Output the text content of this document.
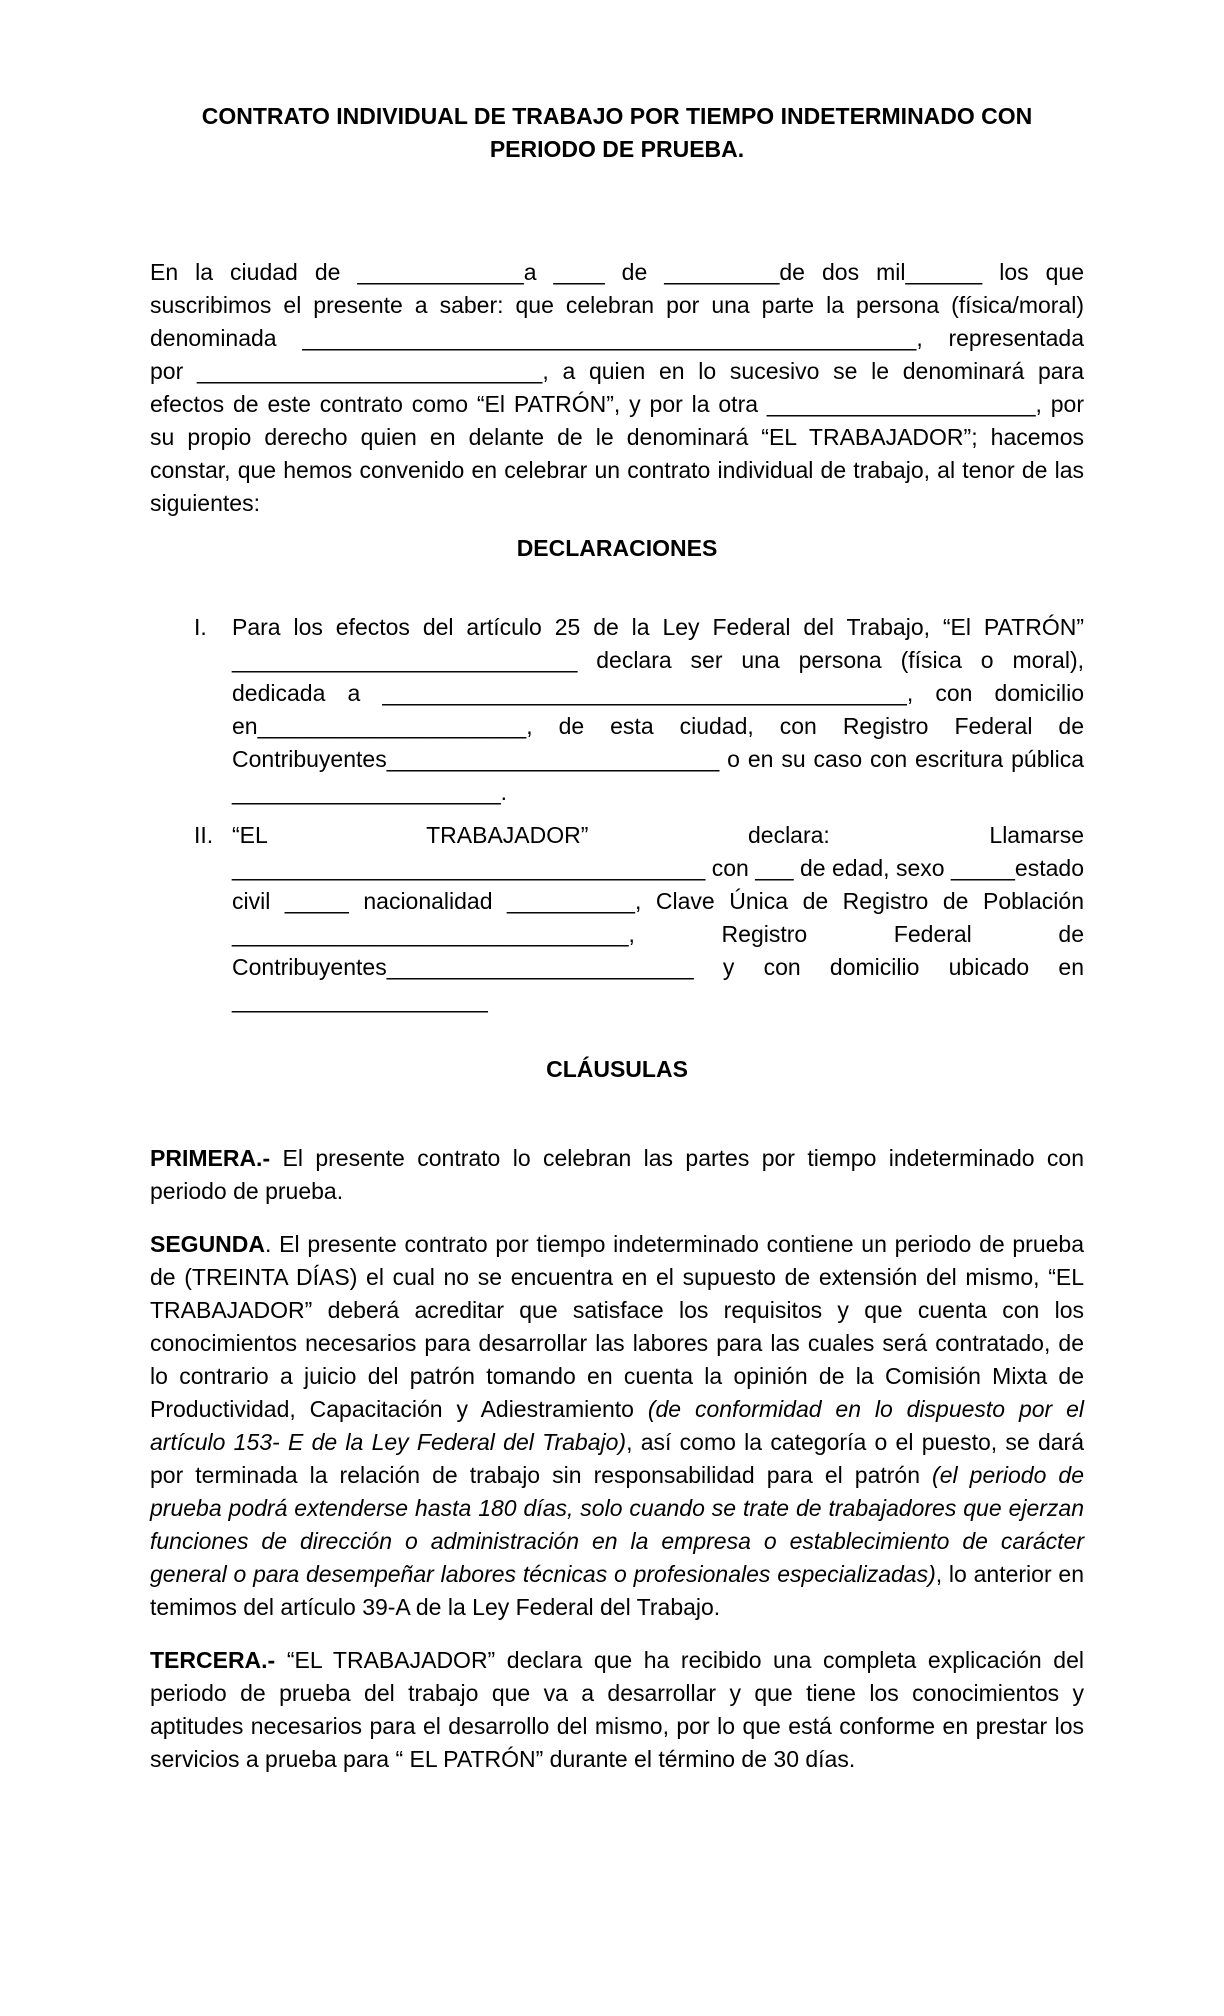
CONTRATO INDIVIDUAL DE TRABAJO POR TIEMPO INDETERMINADO CON PERIODO DE PRUEBA.

En la ciudad de _____________a ____ de _________de dos mil______ los que suscribimos el presente a saber: que celebran por una parte la persona (física/moral) denominada ________________________________________________, representada por ___________________________, a quien en lo sucesivo se le denominará para efectos de este contrato como “El PATRÓN”, y por la otra _____________________, por su propio derecho quien en delante de le denominará “EL TRABAJADOR”; hacemos constar, que hemos convenido en celebrar un contrato individual de trabajo, al tenor de las siguientes:

DECLARACIONES
I. Para los efectos del artículo 25 de la Ley Federal del Trabajo, “El PATRÓN” ___________________________ declara ser una persona (física o moral), dedicada a _________________________________________, con domicilio en_____________________, de esta ciudad, con Registro Federal de Contribuyentes__________________________ o en su caso con escritura pública _____________________.
II. “EL TRABAJADOR” declara: Llamarse _____________________________________ con ___ de edad, sexo _____estado civil _____ nacionalidad __________, Clave Única de Registro de Población _______________________________, Registro Federal de Contribuyentes________________________ y con domicilio ubicado en ____________________
CLÁUSULAS

PRIMERA.- El presente contrato lo celebran las partes por tiempo indeterminado con periodo de prueba.

SEGUNDA. El presente contrato por tiempo indeterminado contiene un periodo de prueba de (TREINTA DÍAS) el cual no se encuentra en el supuesto de extensión del mismo, “EL TRABAJADOR” deberá acreditar que satisface los requisitos y que cuenta con los conocimientos necesarios para desarrollar las labores para las cuales será contratado, de lo contrario a juicio del patrón tomando en cuenta la opinión de la Comisión Mixta de Productividad, Capacitación y Adiestramiento (de conformidad en lo dispuesto por el artículo 153- E de la Ley Federal del Trabajo), así como la categoría o el puesto, se dará por terminada la relación de trabajo sin responsabilidad para el patrón (el periodo de prueba podrá extenderse hasta 180 días, solo cuando se trate de trabajadores que ejerzan funciones de dirección o administración en la empresa o establecimiento de carácter general o para desempeñar labores técnicas o profesionales especializadas), lo anterior en temimos del artículo 39-A de la Ley Federal del Trabajo.

TERCERA.- “EL TRABAJADOR” declara que ha recibido una completa explicación del periodo de prueba del trabajo que va a desarrollar y que tiene los conocimientos y aptitudes necesarios para el desarrollo del mismo, por lo que está conforme en prestar los servicios a prueba para “ EL PATRÓN” durante el término de 30 días.
